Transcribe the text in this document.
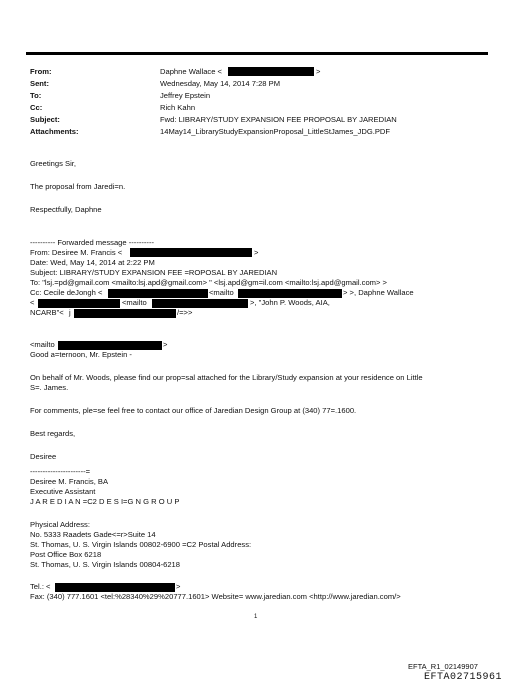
From:	Daphne Wallace <	>
Sent:	Wednesday, May 14, 2014 7:28 PM
To:	Jeffrey Epstein
Cc:	Rich Kahn
Subject:	Fwd: LIBRARY/STUDY EXPANSION FEE PROPOSAL BY JAREDIAN
Attachments:	14May14_LibraryStudyExpansionProposal_LittleStJames_JDG.PDF
Greetings Sir,
The proposal from Jaredi=n.
Respectfully, Daphne
---------- Forwarded message ----------
From: Desiree M. Francis <	>
Date: Wed, May 14, 2014 at 2:22 PM
Subject: LIBRARY/STUDY EXPANSION FEE =ROPOSAL BY JAREDIAN
To: "lsj.=pd@gmail.com <mailto:lsj.apd@gmail.com> " <lsj.apd@gm=il.com <mailto:lsj.apd@gmail.com> >
Cc: Cecile deJongh <	<mailto	> >, Daphne Wallace
<	<mailto	>, "John P. Woods, AIA,
NCARB"< j	/=>>
<mailto	>
Good a=ternoon, Mr. Epstein -
On behalf of Mr. Woods, please find our prop=sal attached for the Library/Study expansion at your residence on Little
S=. James.
For comments, ple=se feel free to contact our office of Jaredian Design Group at (340) 77=.1600.
Best regards,
Desiree
----------------------=
Desiree M. Francis, BA
Executive Assistant
J A R E D I A N =C2 D E S I=G N G R O U P
Physical Address:
No. 5333 Raadets Gade<=r>Suite 14
St. Thomas, U. S. Virgin Islands 00802-6900 =C2 Postal Address:
Post Office Box 6218
St. Thomas, U. S. Virgin Islands 00804-6218
Tel.: <	>
Fax: (340) 777.1601 <tel:%28340%29%20777.1601> Website= www.jaredian.com <http://www.jaredian.com/>
1
EFTA_R1_02149907
EFTA02715961
